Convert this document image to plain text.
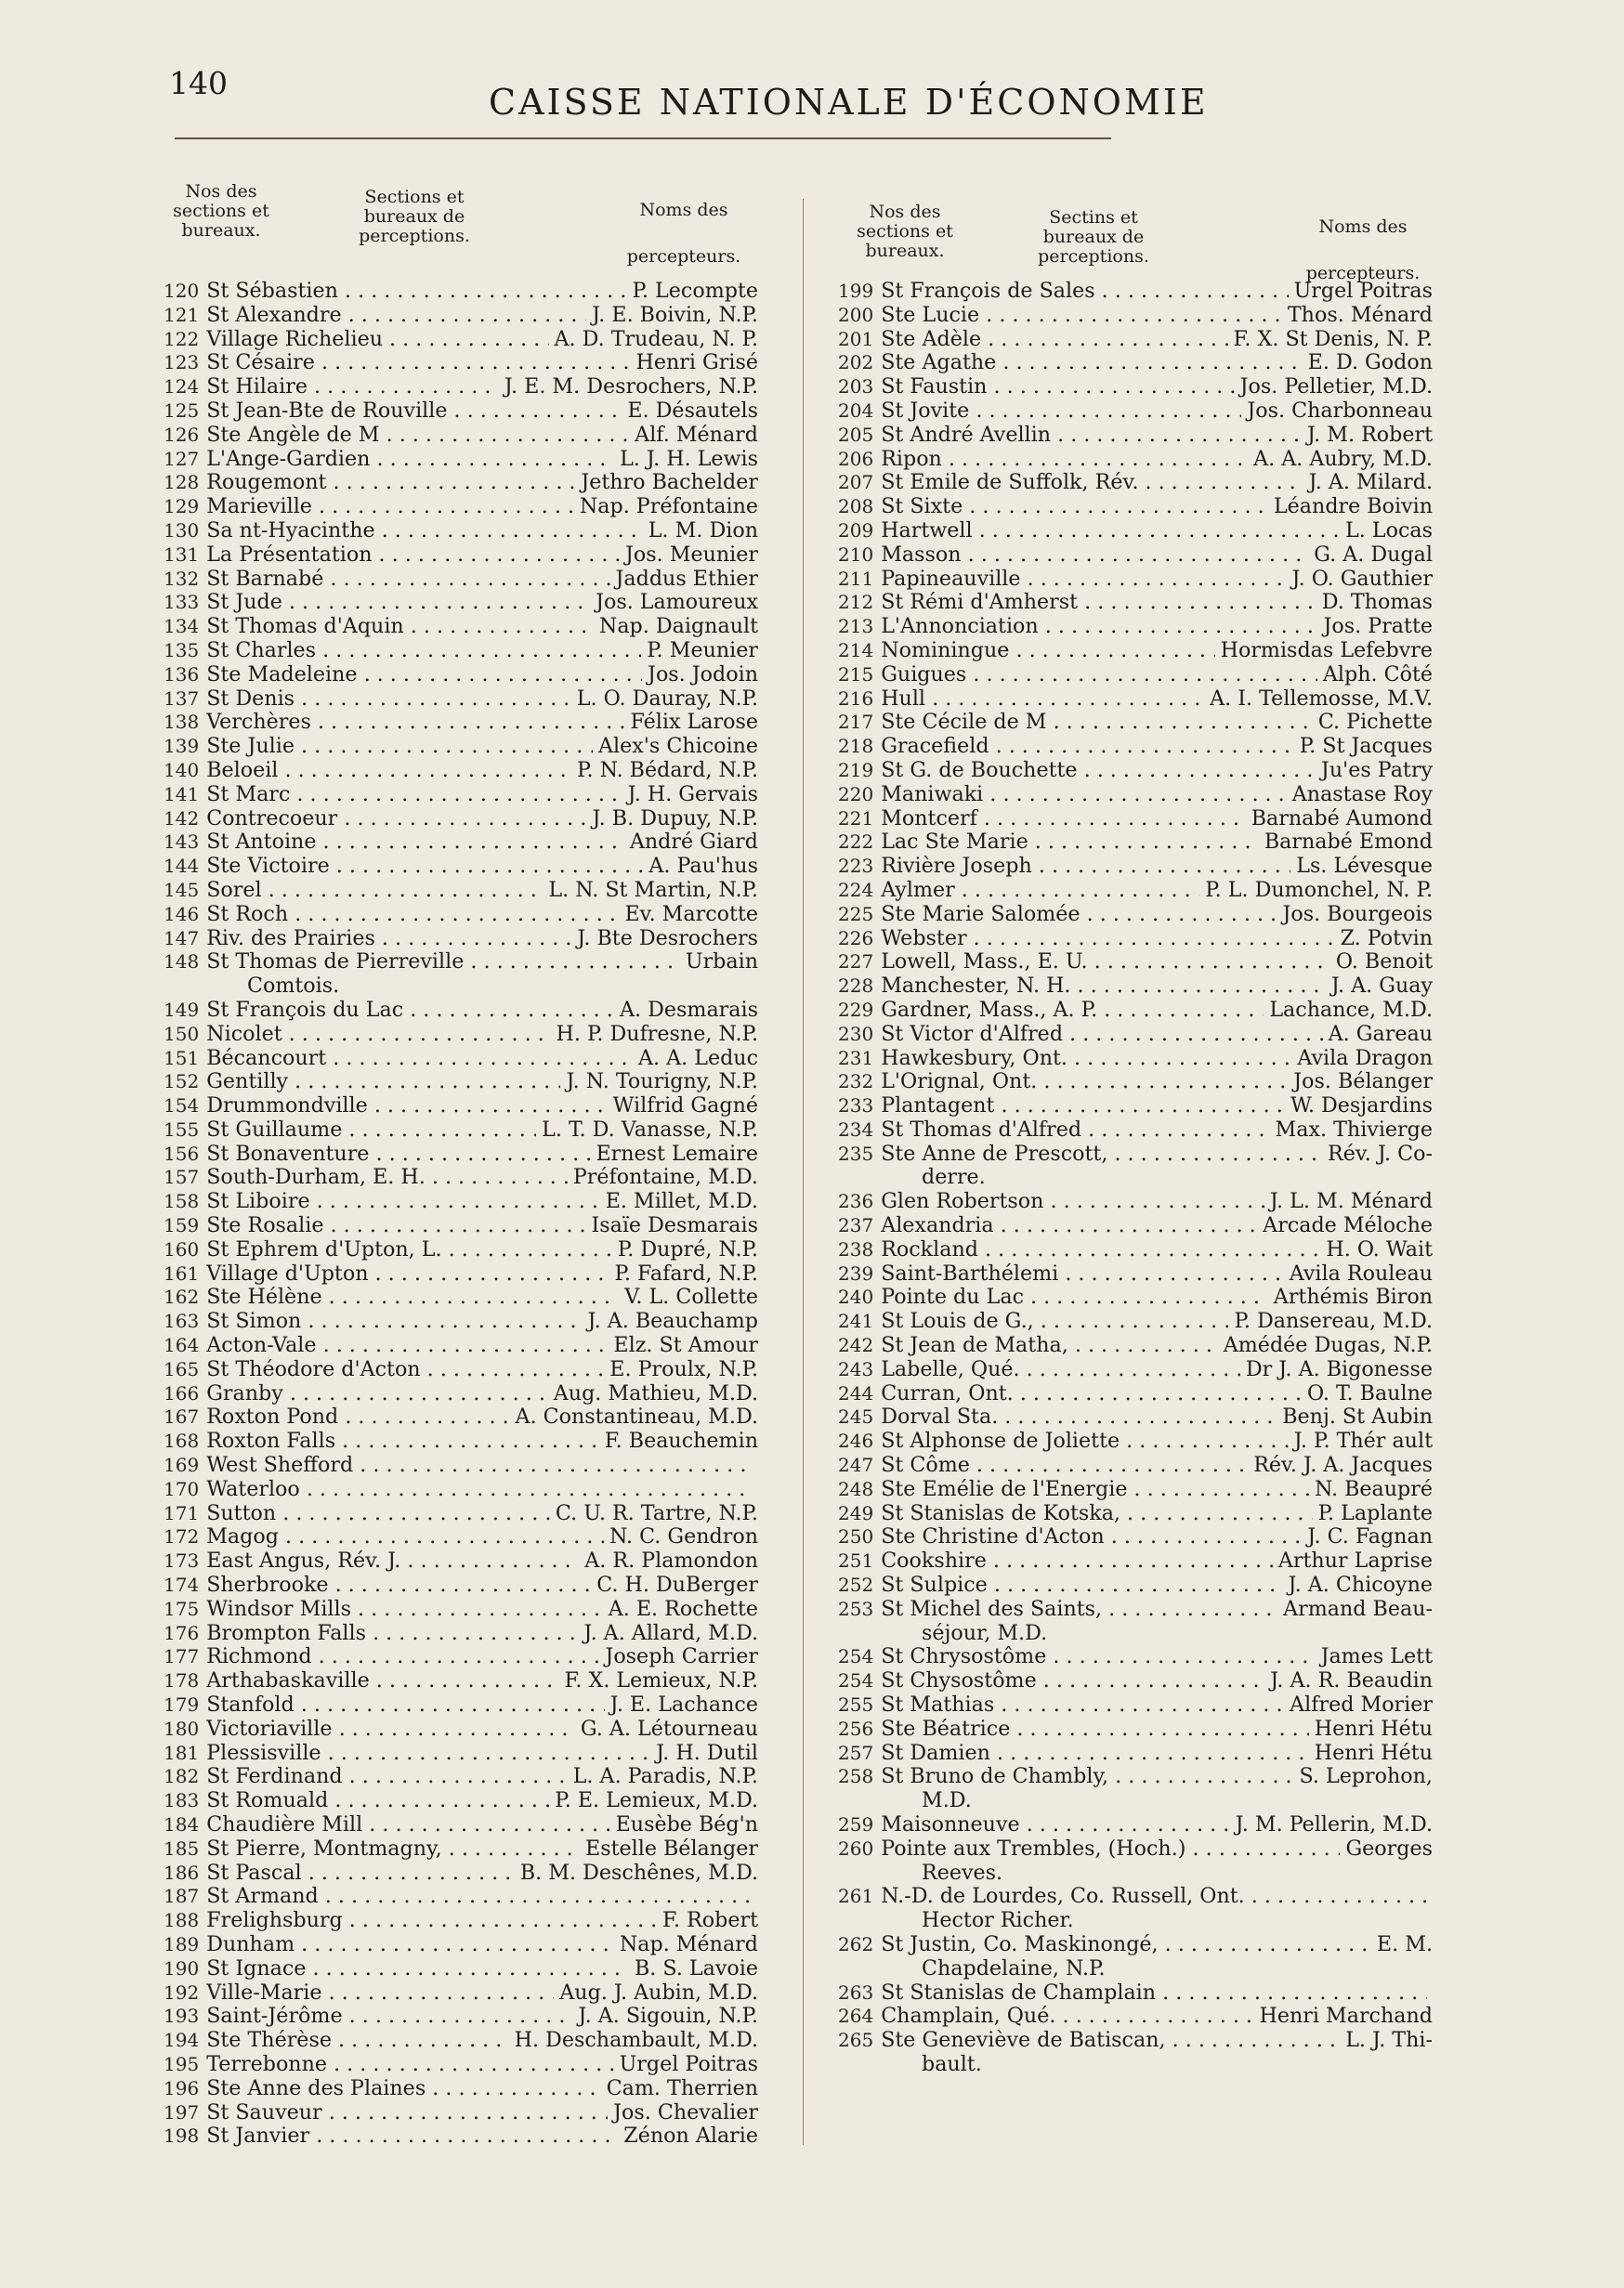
140	CAISSE NATIONALE D'ÉCONOMIE
Nos des sections et bureaux.
Sections et bureaux de perceptions.
Noms des
percepteurs.
120 St Sébastien . . .	P. Lecompte
121 St Alexandre . . .	J. E. Boivin, N.P.
122 Village Richelieu . . .	A. D. Trudeau, N. P.
123 St Césaire . . .	Henri Grisé
124 St Hilaire . . .	J. E. M. Desrochers, N.P.
125 St Jean-Bte de Rouville . . .	E. Désautels
126 Ste Angèle de M . . .	Alf. Ménard
127 L'Ange-Gardien . . .	L. J. H. Lewis
128 Rougemont . . .	Jethro Bachelder
129 Marieville . . .	Nap. Préfontaine
130 Sa nt-Hyacinthe . . .	L. M. Dion
131 La Présentation . . .	Jos. Meunier
132 St Barnabé . . .	Jaddus Ethier
133 St Jude . . .	Jos. Lamoureux
134 St Thomas d'Aquin . . .	Nap. Daignault
135 St Charles . . .	P. Meunier
136 Ste Madeleine . . .	Jos. Jodoin
137 St Denis . . .	L. O. Dauray, N.P.
138 Verchères . . .	Félix Larose
139 Ste Julie . . .	Alex's Chicoine
140 Beloeil . . .	P. N. Bédard, N.P.
141 St Marc . . .	J. H. Gervais
142 Contrecoeur . . .	J. B. Dupuy, N.P.
143 St Antoine . . .	André Giard
144 Ste Victoire . . .	A. Pau'hus
145 Sorel . . .	L. N. St Martin, N.P.
146 St Roch . . .	Ev. Marcotte
147 Riv. des Prairies . . .	J. Bte Desrochers
148 St Thomas de Pierreville . . .	Urbain
Comtois.
149 St François du Lac . . .	A. Desmarais
150 Nicolet . . .	H. P. Dufresne, N.P.
151 Bécancourt . . .	A. A. Leduc
152 Gentilly . . .	J. N. Tourigny, N.P.
154 Drummondville . . .	Wilfrid Gagné
155 St Guillaume . . .	L. T. D. Vanasse, N.P.
156 St Bonaventure . . .	Ernest Lemaire
157 South-Durham, E. H. . . .	Préfontaine, M.D.
158 St Liboire . . .	E. Millet, M.D.
159 Ste Rosalie . . .	Isaïe Desmarais
160 St Ephrem d'Upton, L. . . .	P. Dupré, N.P.
161 Village d'Upton . . .	P. Fafard, N.P.
162 Ste Hélène . . .	V. L. Collette
163 St Simon . . .	J. A. Beauchamp
164 Acton-Vale . . .	Elz. St Amour
165 St Théodore d'Acton . . .	E. Proulx, N.P.
166 Granby . . .	Aug. Mathieu, M.D.
167 Roxton Pond . . .	A. Constantineau, M.D.
168 Roxton Falls . . .	F. Beauchemin
169 West Shefford . . .
170 Waterloo . . .
171 Sutton . . .	C. U. R. Tartre, N.P.
172 Magog . . .	N. C. Gendron
173 East Angus, Rév. J. . . .	A. R. Plamondon
174 Sherbrooke . . .	C. H. DuBerger
175 Windsor Mills . . .	A. E. Rochette
176 Brompton Falls . . .	J. A. Allard, M.D.
177 Richmond . . .	Joseph Carrier
178 Arthabaskaville . . .	F. X. Lemieux, N.P.
179 Stanfold . . .	J. E. Lachance
180 Victoriaville . . .	G. A. Létourneau
181 Plessisville . . .	J. H. Dutil
182 St Ferdinand . . .	L. A. Paradis, N.P.
183 St Romuald . . .	P. E. Lemieux, M.D.
184 Chaudière Mill . . .	Eusèbe Bég'n
185 St Pierre, Montmagny, . . .	Estelle Bélanger
186 St Pascal . . .	B. M. Deschênes, M.D.
187 St Armand . . .
188 Frelighsburg . . .	F. Robert
189 Dunham . . .	Nap. Ménard
190 St Ignace . . .	B. S. Lavoie
192 Ville-Marie . . .	Aug. J. Aubin, M.D.
193 Saint-Jérôme . . .	J. A. Sigouin, N.P.
194 Ste Thérèse . . .	H. Deschambault, M.D.
195 Terrebonne . . .	Urgel Poitras
196 Ste Anne des Plaines . . .	Cam. Therrien
197 St Sauveur . . .	Jos. Chevalier
198 St Janvier . . .	Zénon Alarie
Nos des sections et bureaux.
Sectins et bureaux de perceptions.
Noms des
percepteurs.
199 St François de Sales . . .	Urgel Poitras
200 Ste Lucie . . .	Thos. Ménard
201 Ste Adèle . . .	F. X. St Denis, N. P.
202 Ste Agathe . . .	E. D. Godon
203 St Faustin . . .	Jos. Pelletier, M.D.
204 St Jovite . . .	Jos. Charbonneau
205 St André Avellin . . .	J. M. Robert
206 Ripon . . .	A. A. Aubry, M.D.
207 St Emile de Suffolk, Rév. . . .	J. A. Milard.
208 St Sixte . . .	Léandre Boivin
209 Hartwell . . .	L. Locas
210 Masson . . .	G. A. Dugal
211 Papineauville . . .	J. O. Gauthier
212 St Rémi d'Amherst . . .	D. Thomas
213 L'Annonciation . . .	Jos. Pratte
214 Nominingue . . .	Hormisdas Lefebvre
215 Guigues . . .	Alph. Côté
216 Hull . . .	A. I. Tellemosse, M.V.
217 Ste Cécile de M . . .	C. Pichette
218 Gracefield . . .	P. St Jacques
219 St G. de Bouchette . . .	Ju'es Patry
220 Maniwaki . . .	Anastase Roy
221 Montcerf . . .	Barnabé Aumond
222 Lac Ste Marie . . .	Barnabé Emond
223 Rivière Joseph . . .	Ls. Lévesque
224 Aylmer . . .	P. L. Dumonchel, N. P.
225 Ste Marie Salomée . . .	Jos. Bourgeois
226 Webster . . .	Z. Potvin
227 Lowell, Mass., E. U. . . .	O. Benoit
228 Manchester, N. H. . . .	J. A. Guay
229 Gardner, Mass., A. P. . . .	Lachance, M.D.
230 St Victor d'Alfred . . .	A. Gareau
231 Hawkesbury, Ont. . . .	Avila Dragon
232 L'Orignal, Ont. . . .	Jos. Bélanger
233 Plantagent . . .	W. Desjardins
234 St Thomas d'Alfred . . .	Max. Thivierge
235 Ste Anne de Prescott, . . .	Rév. J. Co-
derre.
236 Glen Robertson . . .	J. L. M. Ménard
237 Alexandria . . .	Arcade Méloche
238 Rockland . . .	H. O. Wait
239 Saint-Barthélemi . . .	Avila Rouleau
240 Pointe du Lac . . .	Arthémis Biron
241 St Louis de G., . . .	P. Dansereau, M.D.
242 St Jean de Matha, . . .	Amédée Dugas, N.P.
243 Labelle, Qué. . . .	Dr J. A. Bigonesse
244 Curran, Ont. . . .	O. T. Baulne
245 Dorval Sta. . . .	Benj. St Aubin
246 St Alphonse de Joliette . . .	J. P. Thér ault
247 St Côme . . .	Rév. J. A. Jacques
248 Ste Emélie de l'Energie . . .	N. Beaupré
249 St Stanislas de Kotska, . . .	P. Laplante
250 Ste Christine d'Acton . . .	J. C. Fagnan
251 Cookshire . . .	Arthur Laprise
252 St Sulpice . . .	J. A. Chicoyne
253 St Michel des Saints, . . .	Armand Beau-
séjour, M.D.
254 St Chrysostôme . . .	James Lett
254 St Chysostôme . . .	J. A. R. Beaudin
255 St Mathias . . .	Alfred Morier
256 Ste Béatrice . . .	Henri Hétu
257 St Damien . . .	Henri Hétu
258 St Bruno de Chambly, . . .	S. Leprohon,
M.D.
259 Maisonneuve . . .	J. M. Pellerin, M.D.
260 Pointe aux Trembles, (Hoch.) . . .	Georges
Reeves.
261 N.-D. de Lourdes, Co. Russell, Ont. . . .
Hector Richer.
262 St Justin, Co. Maskinongé, . . .	E. M.
Chapdelaine, N.P.
263 St Stanislas de Champlain . . .
264 Champlain, Qué. . . .	Henri Marchand
265 Ste Geneviève de Batiscan, . . .	L. J. Thi-
bault.
